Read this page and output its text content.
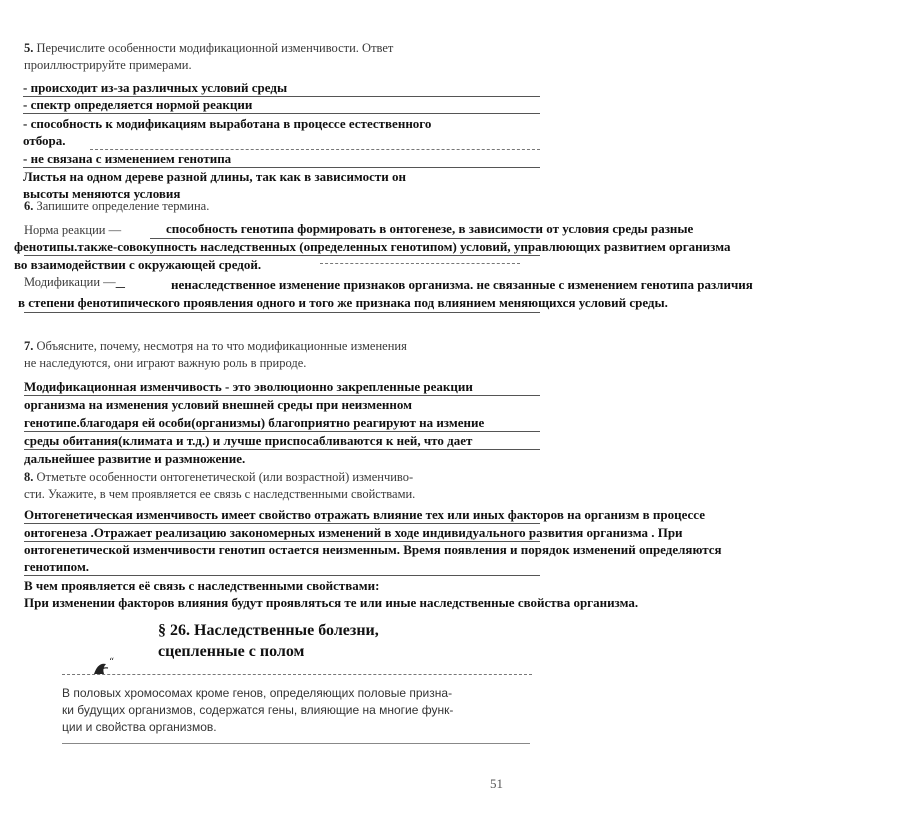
5. Перечислите особенности модификационной изменчивости. Ответ
проиллюстрируйте примерами.
- происходит из-за различных условий среды
- спектр определяется нормой реакции
- способность к модификациям выработана в процессе естественного
отбора.
- не связана с изменением генотипа
Листья на одном дереве разной длины, так как в зависимости он
высоты меняются условия
6. Запишите определение термина.
Норма реакции —	способность генотипа формировать в онтогенезе, в зависимости от условия среды разные
фенотипы.также-совокупность наследственных (определенных генотипом) условий, управлюющих развитием организма
во взаимодействии с окружающей средой.
Модификации —	ненаследственное изменение признаков организма. не связанные с изменением генотипа различия
в степени фенотипического проявления одного и того же признака под влиянием меняющихся условий среды.
7. Объясните, почему, несмотря на то что модификационные изменения
не наследуются, они играют важную роль в природе.
Модификационная изменчивость - это эволюционно закрепленные реакции
организма на изменения условий внешней среды при неизменном
генотипе.благодаря ей особи(организмы) благоприятно реагируют на измение
среды обитания(климата и т.д.) и лучше приспосабливаются к ней, что дает
дальнейшее развитие и размножение.
8. Отметьте особенности онтогенетической (или возрастной) изменчиво-
сти. Укажите, в чем проявляется ее связь с наследственными свойствами.
Онтогенетическая изменчивость имеет свойство отражать влияние тех или иных факторов на организм в процессе
онтогенеза .Отражает реализацию закономерных изменений в ходе индивидуального развития организма . При
онтогенетической изменчивости генотип остается неизменным. Время появления и порядок изменений определяются
генотипом.
В чем проявляется её связь с наследственными свойствами:
При изменении факторов влияния будут проявляться те или иные наследственные свойства организма.
§ 26. Наследственные болезни,
сцепленные с полом
“
В половых хромосомах кроме генов, определяющих половые призна-
ки будущих организмов, содержатся гены, влияющие на многие функ-
ции и свойства организмов.
51
